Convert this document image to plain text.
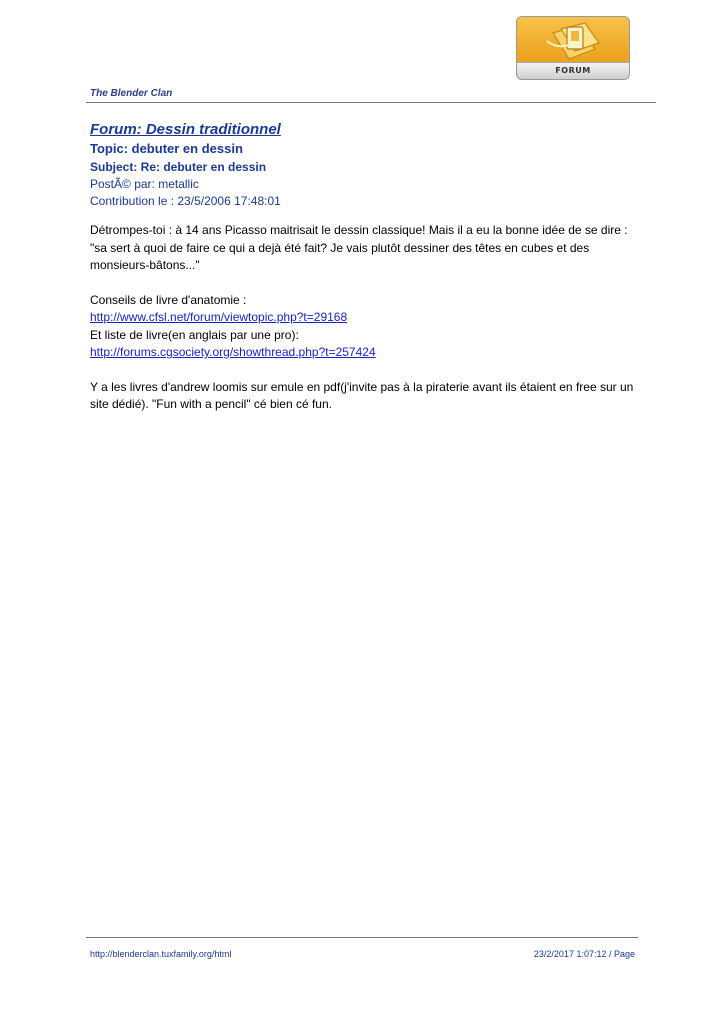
FORUM
The Blender Clan
Forum: Dessin traditionnel
Topic: debuter en dessin
Subject: Re: debuter en dessin
PostÃ© par: metallic
Contribution le : 23/5/2006 17:48:01

Détrompes-toi : à 14 ans Picasso maitrisait le dessin classique! Mais il a eu la bonne idée de se dire : "sa sert à quoi de faire ce qui a dejà été fait? Je vais plutôt dessiner des têtes en cubes et des monsieurs-bâtons..."

Conseils de livre d'anatomie :
http://www.cfsl.net/forum/viewtopic.php?t=29168
Et liste de livre(en anglais par une pro):
http://forums.cgsociety.org/showthread.php?t=257424

Y a les livres d'andrew loomis sur emule en pdf(j'invite pas à la piraterie avant ils étaient en free sur un site dédié). "Fun with a pencil" cé bien cé fun.

http://blenderclan.tuxfamily.org/html	23/2/2017 1:07:12 / Page
